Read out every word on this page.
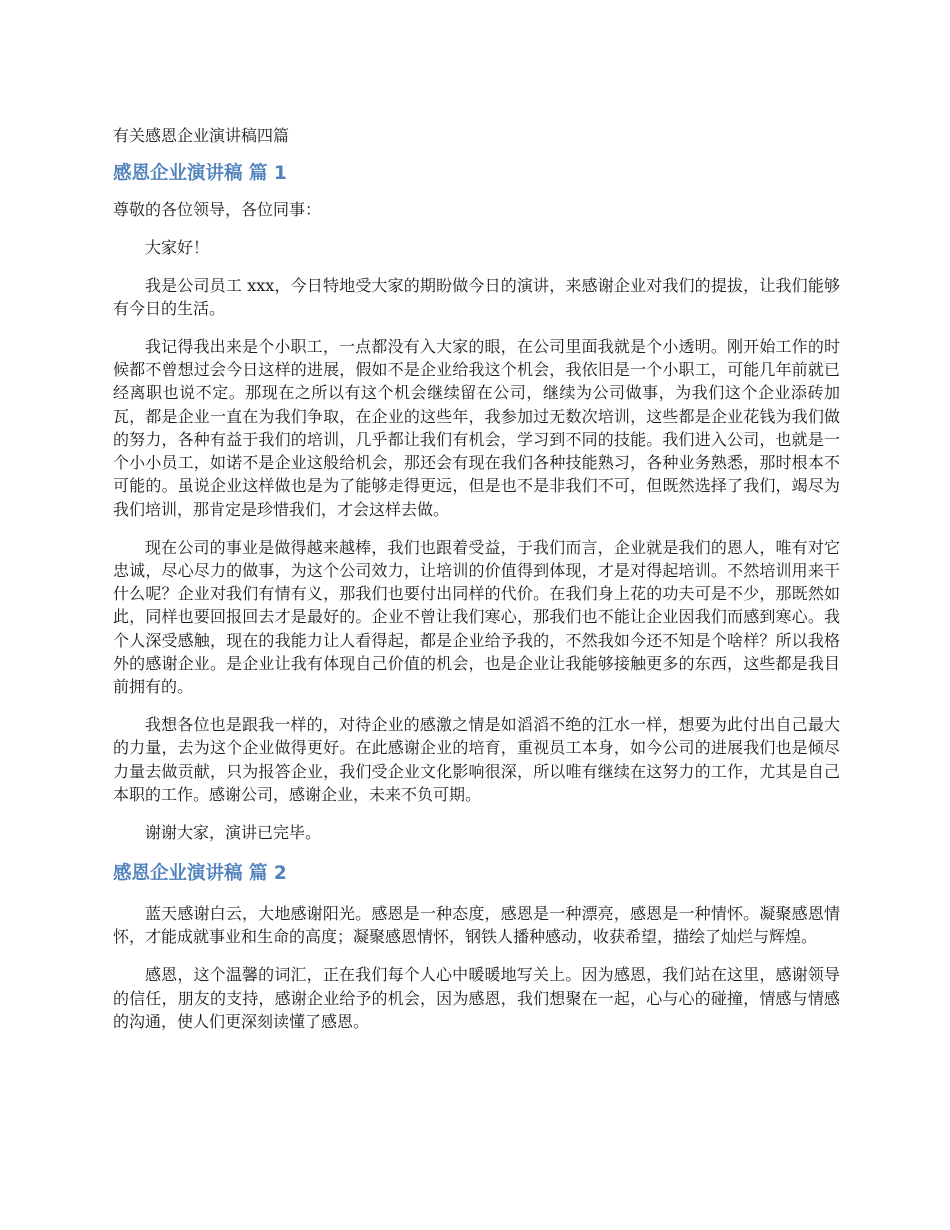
有关感恩企业演讲稿四篇
感恩企业演讲稿 篇 1

尊敬的各位领导，各位同事：

大家好！

我是公司员工 xxx，今日特地受大家的期盼做今日的演讲，来感谢企业对我们的提拔，让我们能够有今日的生活。

我记得我出来是个小职工，一点都没有入大家的眼，在公司里面我就是个小透明。刚开始工作的时候都不曾想过会今日这样的进展，假如不是企业给我这个机会，我依旧是一个小职工，可能几年前就已经离职也说不定。那现在之所以有这个机会继续留在公司，继续为公司做事，为我们这个企业添砖加瓦，都是企业一直在为我们争取，在企业的这些年，我参加过无数次培训，这些都是企业花钱为我们做的努力，各种有益于我们的培训，几乎都让我们有机会，学习到不同的技能。我们进入公司，也就是一个小小员工，如诺不是企业这般给机会，那还会有现在我们各种技能熟习，各种业务熟悉，那时根本不可能的。虽说企业这样做也是为了能够走得更远，但是也不是非我们不可，但既然选择了我们，竭尽为我们培训，那肯定是珍惜我们，才会这样去做。

现在公司的事业是做得越来越棒，我们也跟着受益，于我们而言，企业就是我们的恩人，唯有对它忠诚，尽心尽力的做事，为这个公司效力，让培训的价值得到体现，才是对得起培训。不然培训用来干什么呢？企业对我们有情有义，那我们也要付出同样的代价。在我们身上花的功夫可是不少，那既然如此，同样也要回报回去才是最好的。企业不曾让我们寒心，那我们也不能让企业因我们而感到寒心。我个人深受感触，现在的我能力让人看得起，都是企业给予我的，不然我如今还不知是个啥样？所以我格外的感谢企业。是企业让我有体现自己价值的机会，也是企业让我能够接触更多的东西，这些都是我目前拥有的。

我想各位也是跟我一样的，对待企业的感激之情是如滔滔不绝的江水一样，想要为此付出自己最大的力量，去为这个企业做得更好。在此感谢企业的培育，重视员工本身，如今公司的进展我们也是倾尽力量去做贡献，只为报答企业，我们受企业文化影响很深，所以唯有继续在这努力的工作，尤其是自己本职的工作。感谢公司，感谢企业，未来不负可期。

谢谢大家，演讲已完毕。

感恩企业演讲稿 篇 2

蓝天感谢白云，大地感谢阳光。感恩是一种态度，感恩是一种漂亮，感恩是一种情怀。凝聚感恩情怀，才能成就事业和生命的高度；凝聚感恩情怀，钢铁人播种感动，收获希望，描绘了灿烂与辉煌。

感恩，这个温馨的词汇，正在我们每个人心中暖暖地写关上。因为感恩，我们站在这里，感谢领导的信任，朋友的支持，感谢企业给予的机会，因为感恩，我们想聚在一起，心与心的碰撞，情感与情感的沟通，使人们更深刻读懂了感恩。
